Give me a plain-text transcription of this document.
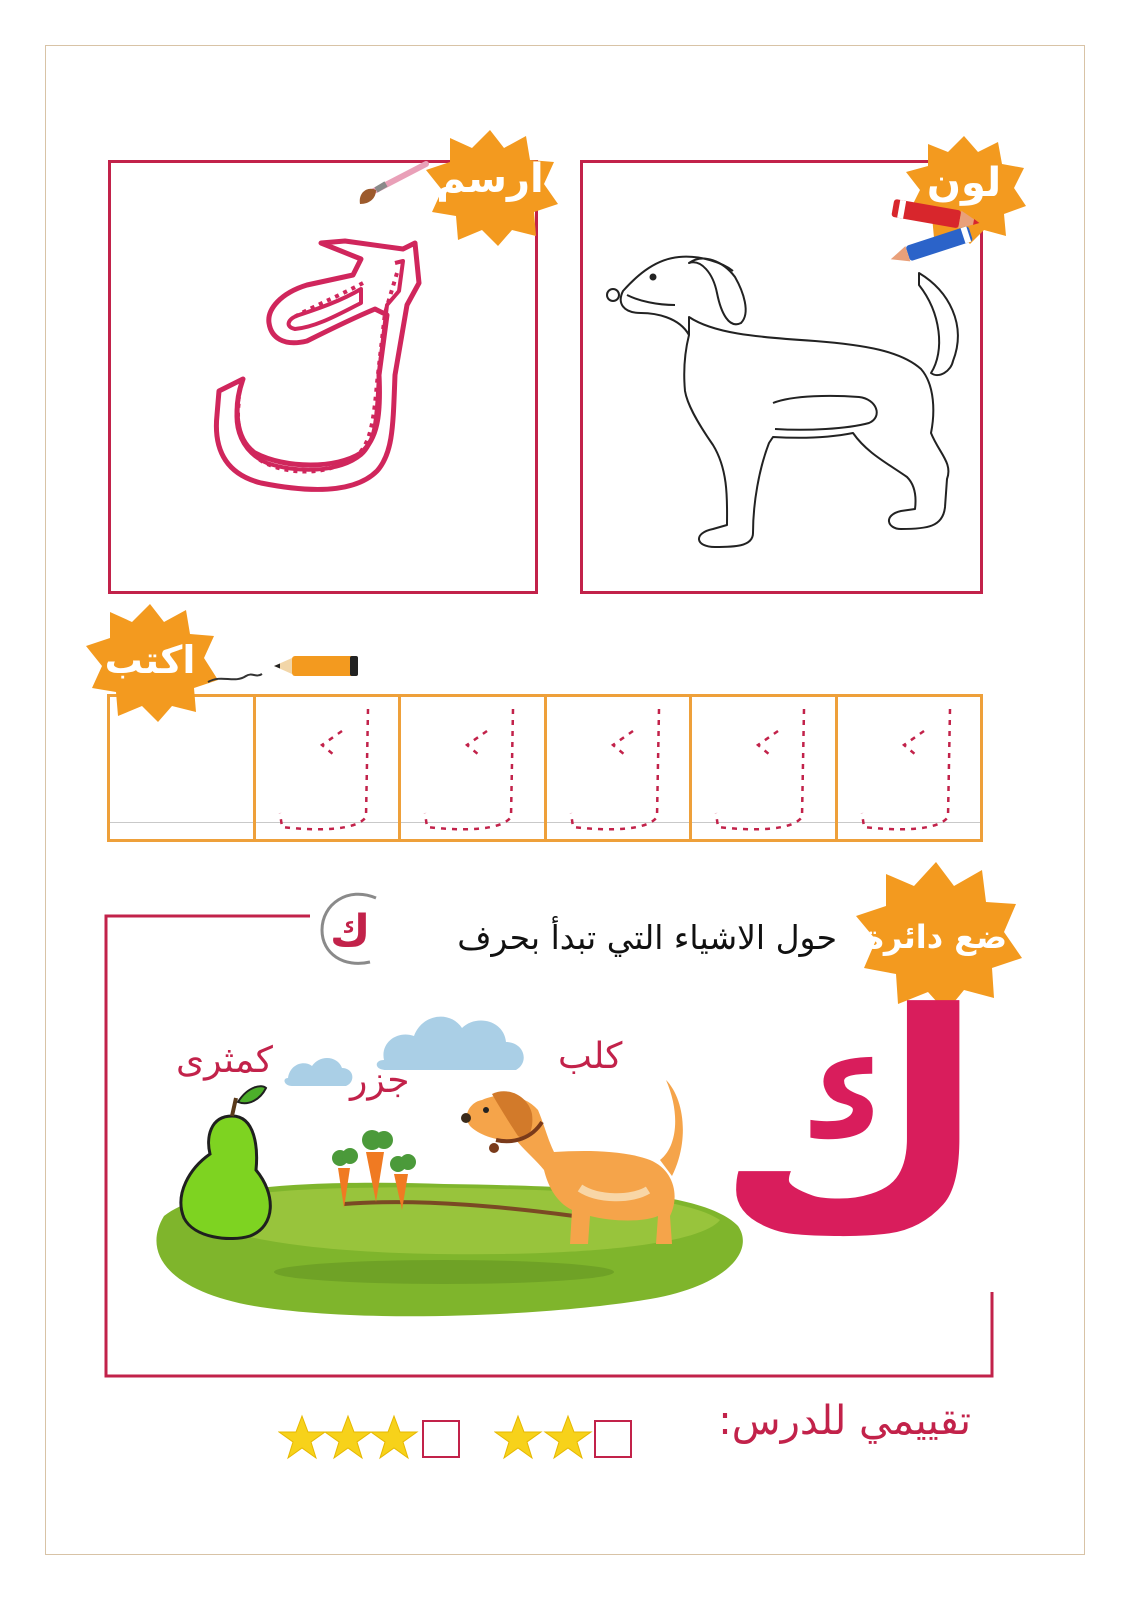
ارسم	لون
اكتب
ضع دائرة
حول الاشياء التي تبدأ بحرف
ك
كلب
جزر
كمثرى ك
تقييمي للدرس:
